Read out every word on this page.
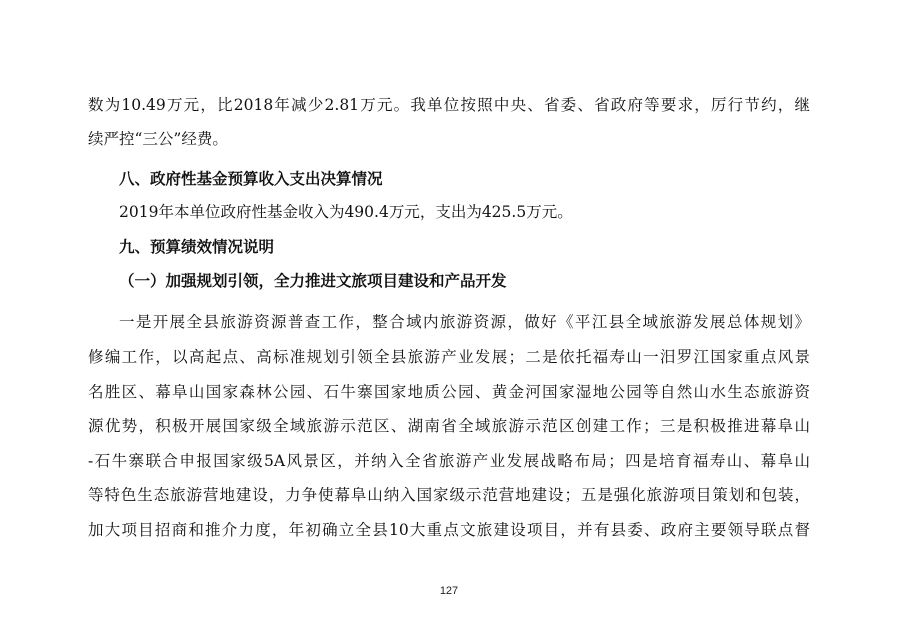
数为10.49万元，比2018年减少2.81万元。我单位按照中央、省委、省政府等要求，厉行节约，继
续严控“三公”经费。
八、政府性基金预算收入支出决算情况
2019年本单位政府性基金收入为490.4万元，支出为425.5万元。
九、预算绩效情况说明
（一）加强规划引领，全力推进文旅项目建设和产品开发
一是开展全县旅游资源普查工作，整合域内旅游资源，做好《平江县全域旅游发展总体规划》
修编工作，以高起点、高标准规划引领全县旅游产业发展；二是依托福寿山一汨罗江国家重点风景
名胜区、幕阜山国家森林公园、石牛寨国家地质公园、黄金河国家湿地公园等自然山水生态旅游资
源优势，积极开展国家级全域旅游示范区、湖南省全域旅游示范区创建工作；三是积极推进幕阜山
-石牛寨联合申报国家级5A风景区，并纳入全省旅游产业发展战略布局；四是培育福寿山、幕阜山
等特色生态旅游营地建设，力争使幕阜山纳入国家级示范营地建设；五是强化旅游项目策划和包装，
加大项目招商和推介力度，年初确立全县10大重点文旅建设项目，并有县委、政府主要领导联点督
127
